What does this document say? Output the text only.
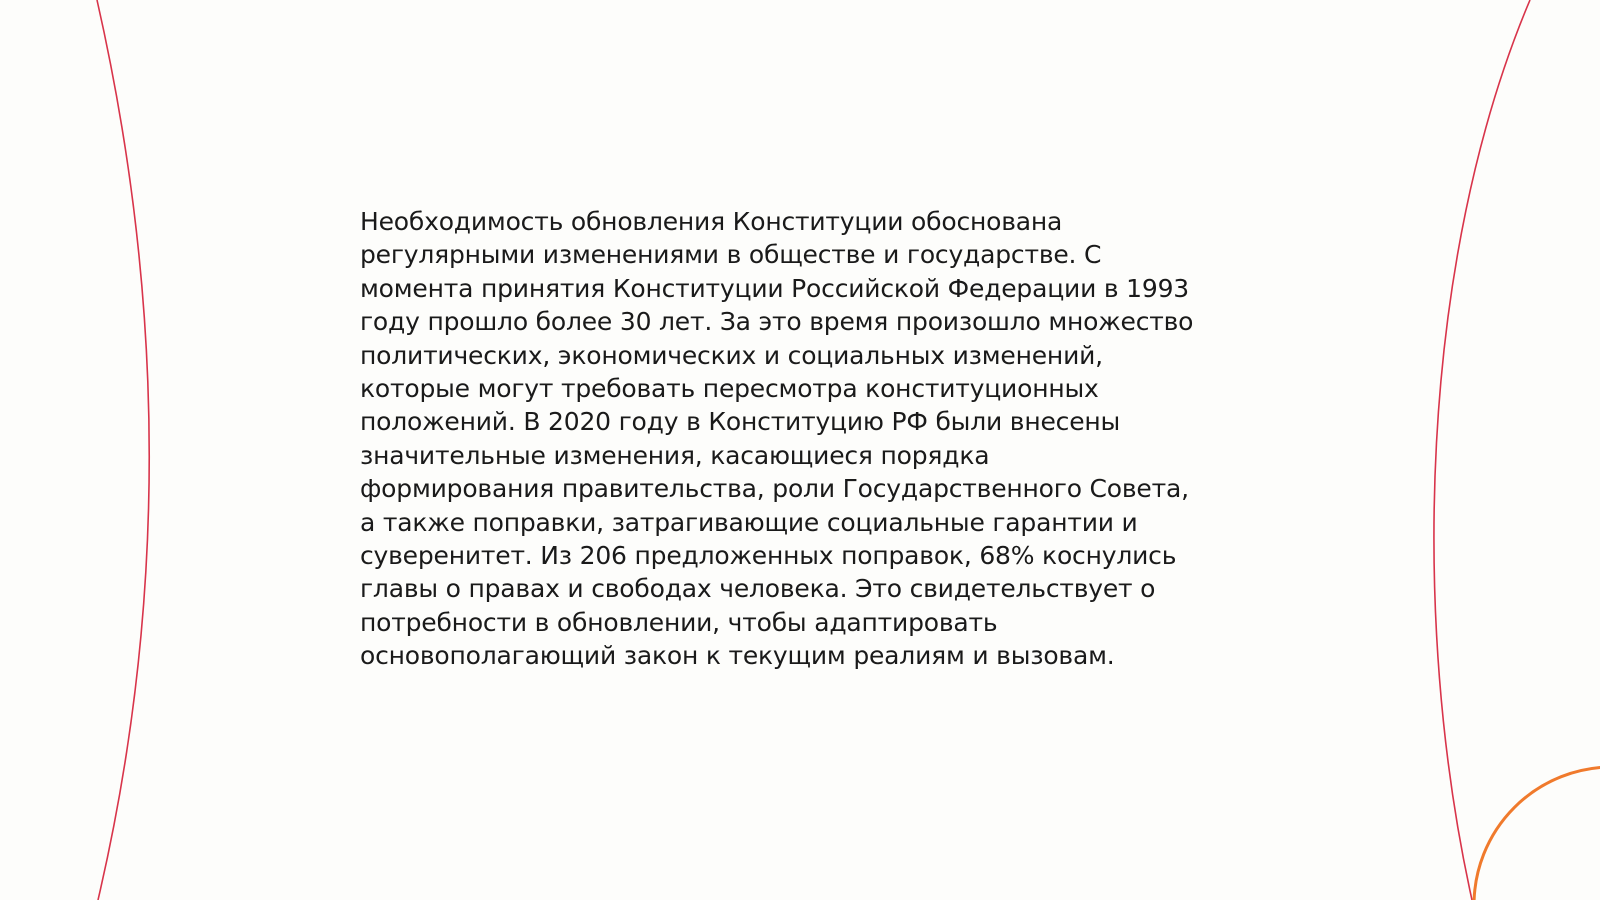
Необходимость обновления Конституции обоснована
регулярными изменениями в обществе и государстве. С
момента принятия Конституции Российской Федерации в 1993
году прошло более 30 лет. За это время произошло множество
политических, экономических и социальных изменений,
которые могут требовать пересмотра конституционных
положений. В 2020 году в Конституцию РФ были внесены
значительные изменения, касающиеся порядка
формирования правительства, роли Государственного Совета,
а также поправки, затрагивающие социальные гарантии и
суверенитет. Из 206 предложенных поправок, 68% коснулись
главы о правах и свободах человека. Это свидетельствует о
потребности в обновлении, чтобы адаптировать
основополагающий закон к текущим реалиям и вызовам.
